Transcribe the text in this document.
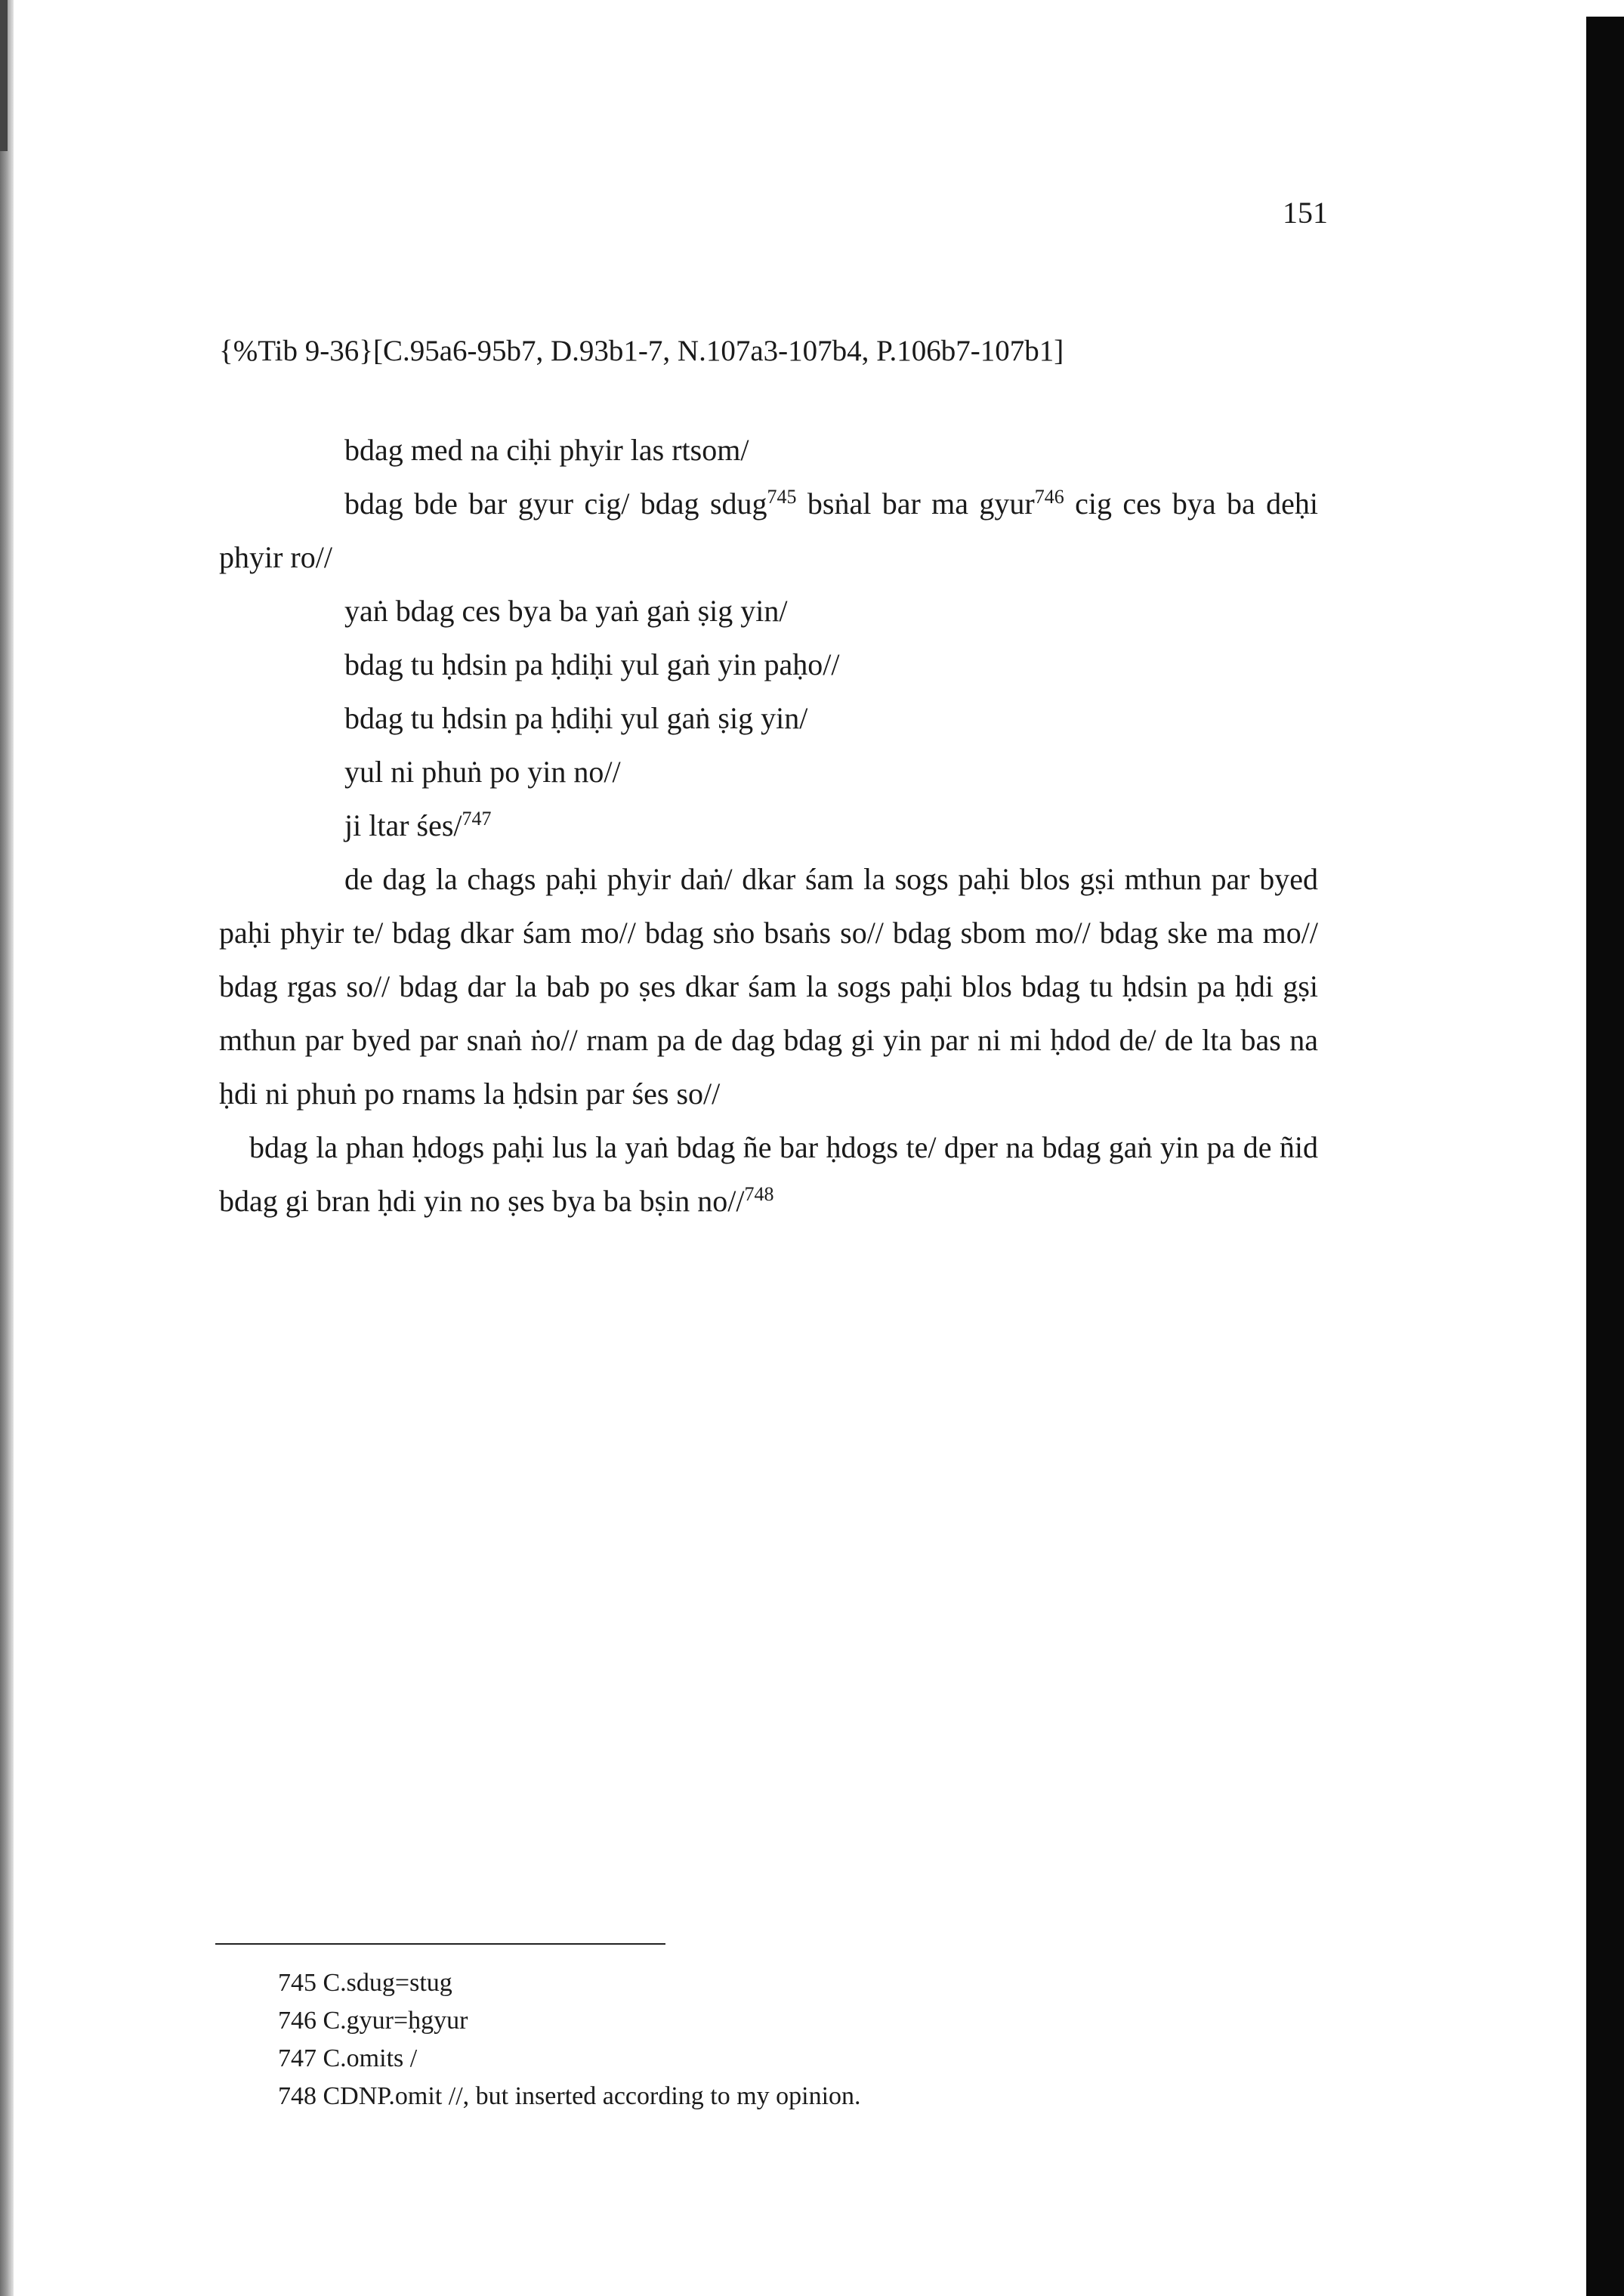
151
{%Tib 9-36}[C.95a6-95b7, D.93b1-7, N.107a3-107b4, P.106b7-107b1]

bdag med na ciḥi phyir las rtsom/

bdag bde bar gyur cig/ bdag sdug$^{745}$ bsṅal bar ma gyur$^{746}$ cig ces bya ba deḥi phyir ro//

yaṅ bdag ces bya ba yaṅ gaṅ ṣig yin/

bdag tu ḥdsin pa ḥdiḥi yul gaṅ yin paḥo//

bdag tu ḥdsin pa ḥdiḥi yul gaṅ ṣig yin/

yul ni phuṅ po yin no//

ji ltar śes/$^{747}$

de dag la chags paḥi phyir daṅ/ dkar śam la sogs paḥi blos gṣi mthun par byed paḥi phyir te/ bdag dkar śam mo// bdag sṅo bsaṅs so// bdag sbom mo// bdag ske ma mo// bdag rgas so// bdag dar la bab po ṣes dkar śam la sogs paḥi blos bdag tu ḥdsin pa ḥdi gṣi mthun par byed par snaṅ ṅo// rnam pa de dag bdag gi yin par ni mi ḥdod de/ de lta bas na ḥdi ni phuṅ po rnams la ḥdsin par śes so//

bdag la phan ḥdogs paḥi lus la yaṅ bdag ñe bar ḥdogs te/ dper na bdag gaṅ yin pa de ñid bdag gi bran ḥdi yin no ṣes bya ba bṣin no//$^{748}$

745 C.sdug=stug
746 C.gyur=ḥgyur
747 C.omits /
748 CDNP.omit //, but inserted according to my opinion.
